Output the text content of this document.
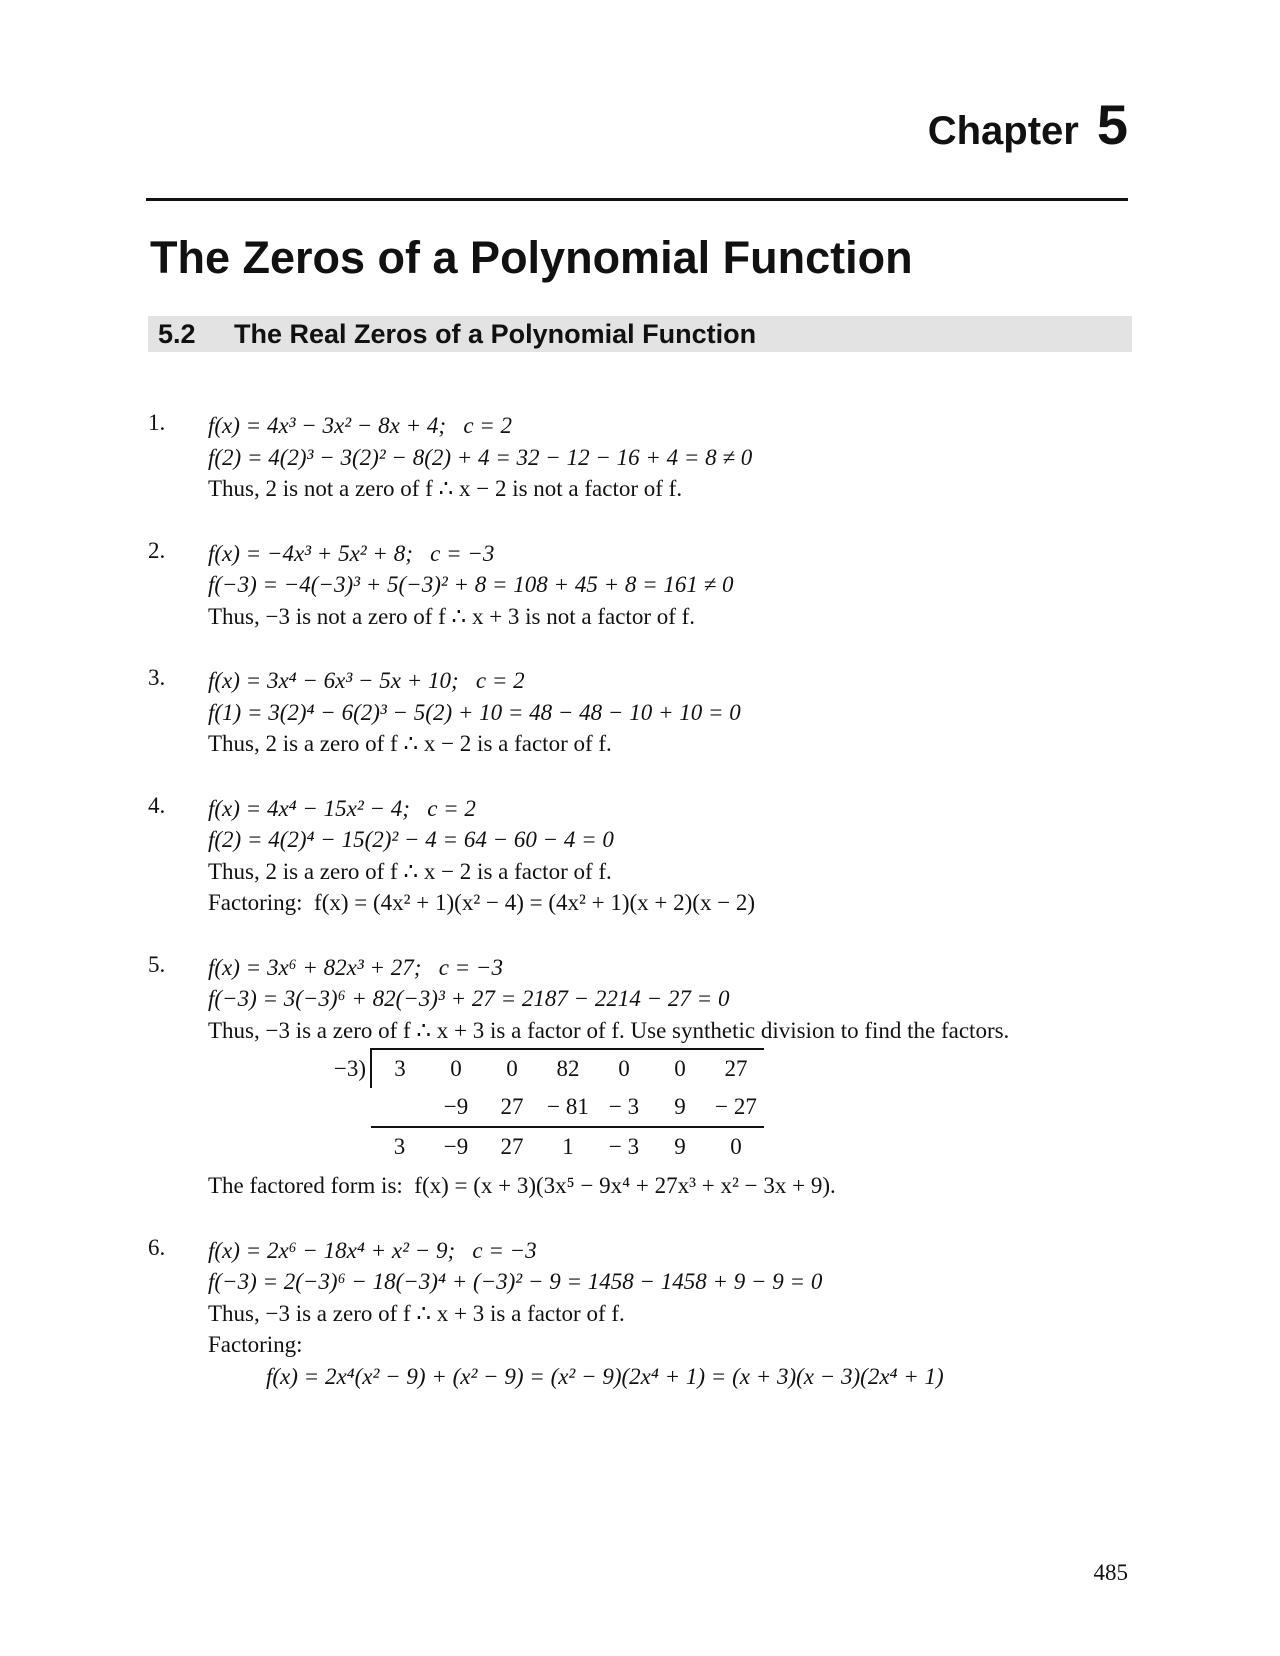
Chapter 5
The Zeros of a Polynomial Function
5.2	The Real Zeros of a Polynomial Function
1. f(x) = 4x³ − 3x² − 8x + 4;   c = 2
f(2) = 4(2)³ − 3(2)² − 8(2) + 4 = 32 − 12 − 16 + 4 = 8 ≠ 0
Thus, 2 is not a zero of f ∴ x − 2 is not a factor of f.
2. f(x) = −4x³ + 5x² + 8;   c = −3
f(−3) = −4(−3)³ + 5(−3)² + 8 = 108 + 45 + 8 = 161 ≠ 0
Thus, −3 is not a zero of f ∴ x + 3 is not a factor of f.
3. f(x) = 3x⁴ − 6x³ − 5x + 10;   c = 2
f(1) = 3(2)⁴ − 6(2)³ − 5(2) + 10 = 48 − 48 − 10 + 10 = 0
Thus, 2 is a zero of f ∴ x − 2 is a factor of f.
4. f(x) = 4x⁴ − 15x² − 4;   c = 2
f(2) = 4(2)⁴ − 15(2)² − 4 = 64 − 60 − 4 = 0
Thus, 2 is a zero of f ∴ x − 2 is a factor of f.
Factoring:  f(x) = (4x² + 1)(x² − 4) = (4x² + 1)(x + 2)(x − 2)
5. f(x) = 3x⁶ + 82x³ + 27;   c = −3
f(−3) = 3(−3)⁶ + 82(−3)³ + 27 = 2187 − 2214 − 27 = 0
Thus, −3 is a zero of f ∴ x + 3 is a factor of f. Use synthetic division to find the factors.
−3)	3	0	0	82	0	0	27
		−9	27	− 81	− 3	9	− 27
	3	−9	27	1	− 3	9	0
The factored form is:  f(x) = (x + 3)(3x⁵ − 9x⁴ + 27x³ + x² − 3x + 9).
6. f(x) = 2x⁶ − 18x⁴ + x² − 9;   c = −3
f(−3) = 2(−3)⁶ − 18(−3)⁴ + (−3)² − 9 = 1458 − 1458 + 9 − 9 = 0
Thus, −3 is a zero of f ∴ x + 3 is a factor of f.
Factoring:
f(x) = 2x⁴(x² − 9) + (x² − 9) = (x² − 9)(2x⁴ + 1) = (x + 3)(x − 3)(2x⁴ + 1)
485
